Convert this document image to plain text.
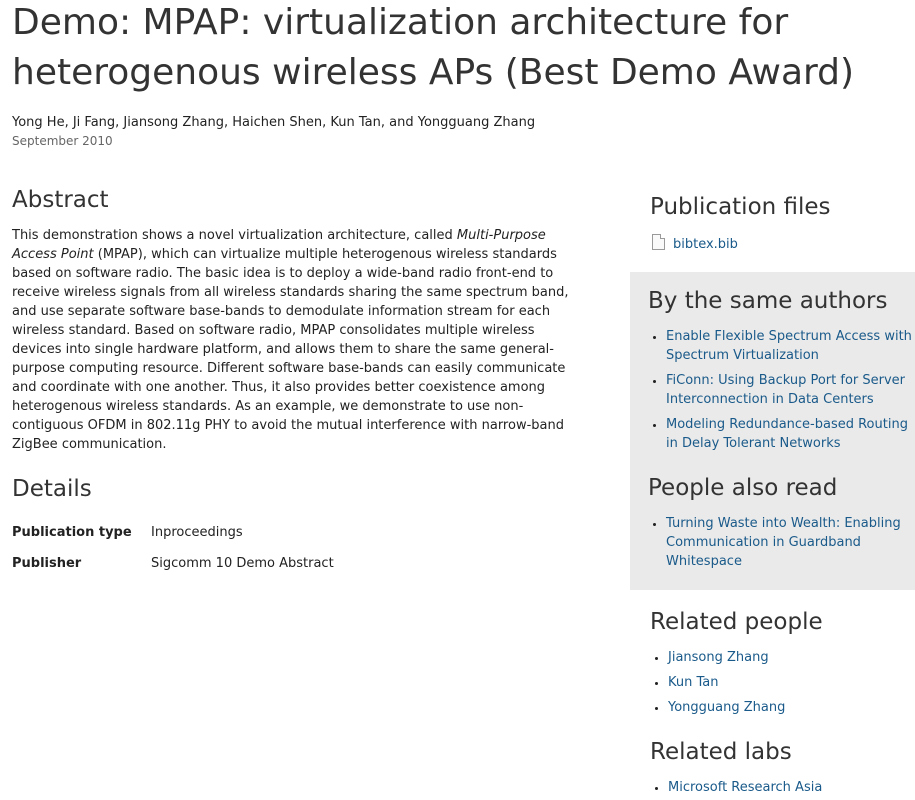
Demo: MPAP: virtualization architecture for heterogenous wireless APs (Best Demo Award)

Yong He, Ji Fang, Jiansong Zhang, Haichen Shen, Kun Tan, and Yongguang Zhang

September 2010

Abstract

This demonstration shows a novel virtualization architecture, called Multi-Purpose Access Point (MPAP), which can virtualize multiple heterogenous wireless standards based on software radio. The basic idea is to deploy a wide-band radio front-end to receive wireless signals from all wireless standards sharing the same spectrum band, and use separate software base-bands to demodulate information stream for each wireless standard. Based on software radio, MPAP consolidates multiple wireless devices into single hardware platform, and allows them to share the same general-purpose computing resource. Different software base-bands can easily communicate and coordinate with one another. Thus, it also provides better coexistence among heterogenous wireless standards. As an example, we demonstrate to use non-contiguous OFDM in 802.11g PHY to avoid the mutual interference with narrow-band ZigBee communication.

Details
Publication type	Inproceedings
Publisher	Sigcomm 10 Demo Abstract
Publication files
bibtex.bib
By the same authors
• Enable Flexible Spectrum Access with Spectrum Virtualization
• FiConn: Using Backup Port for Server Interconnection in Data Centers
• Modeling Redundance-based Routing in Delay Tolerant Networks
People also read
• Turning Waste into Wealth: Enabling Communication in Guardband Whitespace
Related people
• Jiansong Zhang
• Kun Tan
• Yongguang Zhang
Related labs
• Microsoft Research Asia
